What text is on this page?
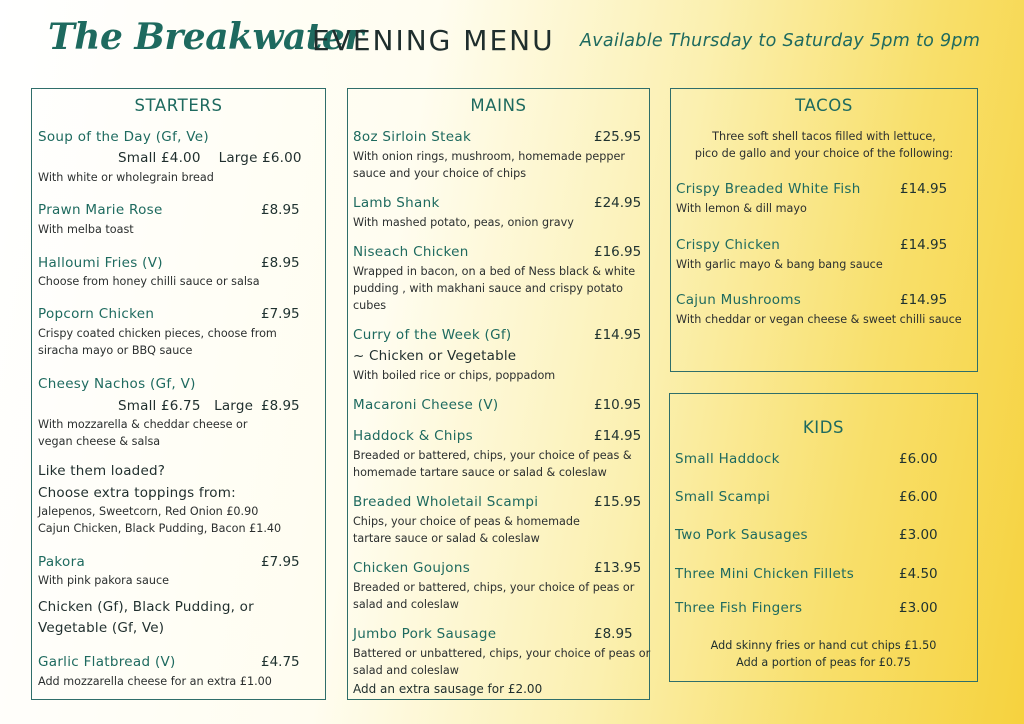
The Breakwater
EVENING MENU Available Thursday to Saturday 5pm to 9pm
STARTERS
Soup of the Day (Gf, Ve)
Small £4.00    Large £6.00
With white or wholegrain bread
Prawn Marie Rose	£8.95
With melba toast
Halloumi Fries (V)	£8.95
Choose from honey chilli sauce or salsa
Popcorn Chicken	£7.95
Crispy coated chicken pieces, choose from
siracha mayo or BBQ sauce
Cheesy Nachos (Gf, V)
Small £6.75   Large £8.95
With mozzarella & cheddar cheese or
vegan cheese & salsa
Like them loaded?
Choose extra toppings from:
Jalepenos, Sweetcorn, Red Onion £0.90
Cajun Chicken, Black Pudding, Bacon £1.40
Pakora	£7.95
With pink pakora sauce
Chicken (Gf), Black Pudding, or
Vegetable (Gf, Ve)
Garlic Flatbread (V)	£4.75
Add mozzarella cheese for an extra £1.00
MAINS
8oz Sirloin Steak	£25.95
With onion rings, mushroom, homemade pepper
sauce and your choice of chips
Lamb Shank	£24.95
With mashed potato, peas, onion gravy
Niseach Chicken	£16.95
Wrapped in bacon, on a bed of Ness black & white
pudding , with makhani sauce and crispy potato
cubes
Curry of the Week (Gf)	£14.95
~ Chicken or Vegetable
With boiled rice or chips, poppadom
Macaroni Cheese (V)	£10.95
Haddock & Chips	£14.95
Breaded or battered, chips, your choice of peas &
homemade tartare sauce or salad & coleslaw
Breaded Wholetail Scampi	£15.95
Chips, your choice of peas & homemade
tartare sauce or salad & coleslaw
Chicken Goujons	£13.95
Breaded or battered, chips, your choice of peas or
salad and coleslaw
Jumbo Pork Sausage	£8.95
Battered or unbattered, chips, your choice of peas or
salad and coleslaw
Add an extra sausage for £2.00
TACOS
Three soft shell tacos filled with lettuce,
pico de gallo and your choice of the following:
Crispy Breaded White Fish	£14.95
With lemon & dill mayo
Crispy Chicken	£14.95
With garlic mayo & bang bang sauce
Cajun Mushrooms	£14.95
With cheddar or vegan cheese & sweet chilli sauce
KIDS
Small Haddock	£6.00
Small Scampi	£6.00
Two Pork Sausages	£3.00
Three Mini Chicken Fillets	£4.50
Three Fish Fingers	£3.00
Add skinny fries or hand cut chips £1.50
Add a portion of peas for £0.75
